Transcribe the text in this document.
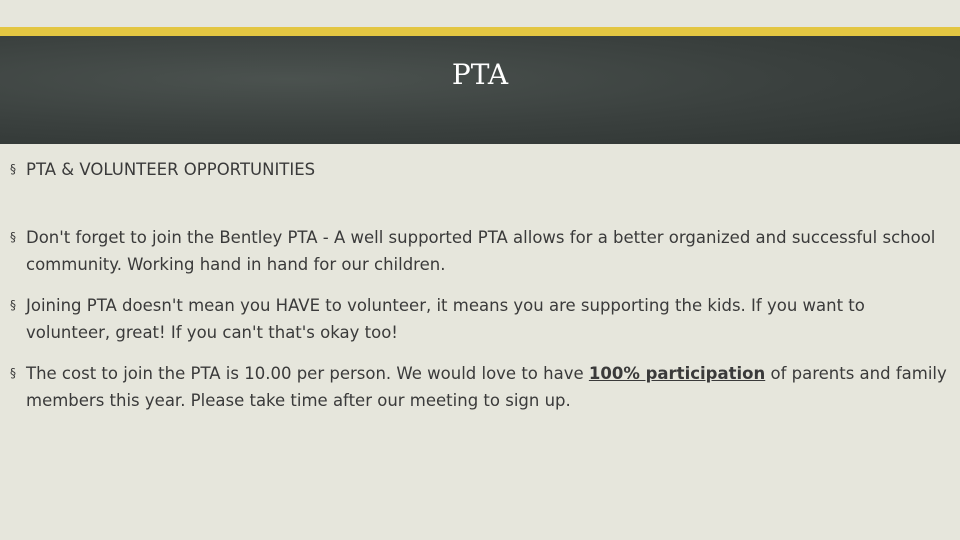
PTA
§ PTA & VOLUNTEER OPPORTUNITIES
§ Don't forget to join the Bentley PTA - A well supported PTA allows for a better organized and successful school community. Working hand in hand for our children.
§ Joining PTA doesn't mean you HAVE to volunteer, it means you are supporting the kids. If you want to volunteer, great! If you can't that's okay too!
§ The cost to join the PTA is 10.00 per person. We would love to have 100% participation of parents and family members this year. Please take time after our meeting to sign up.
